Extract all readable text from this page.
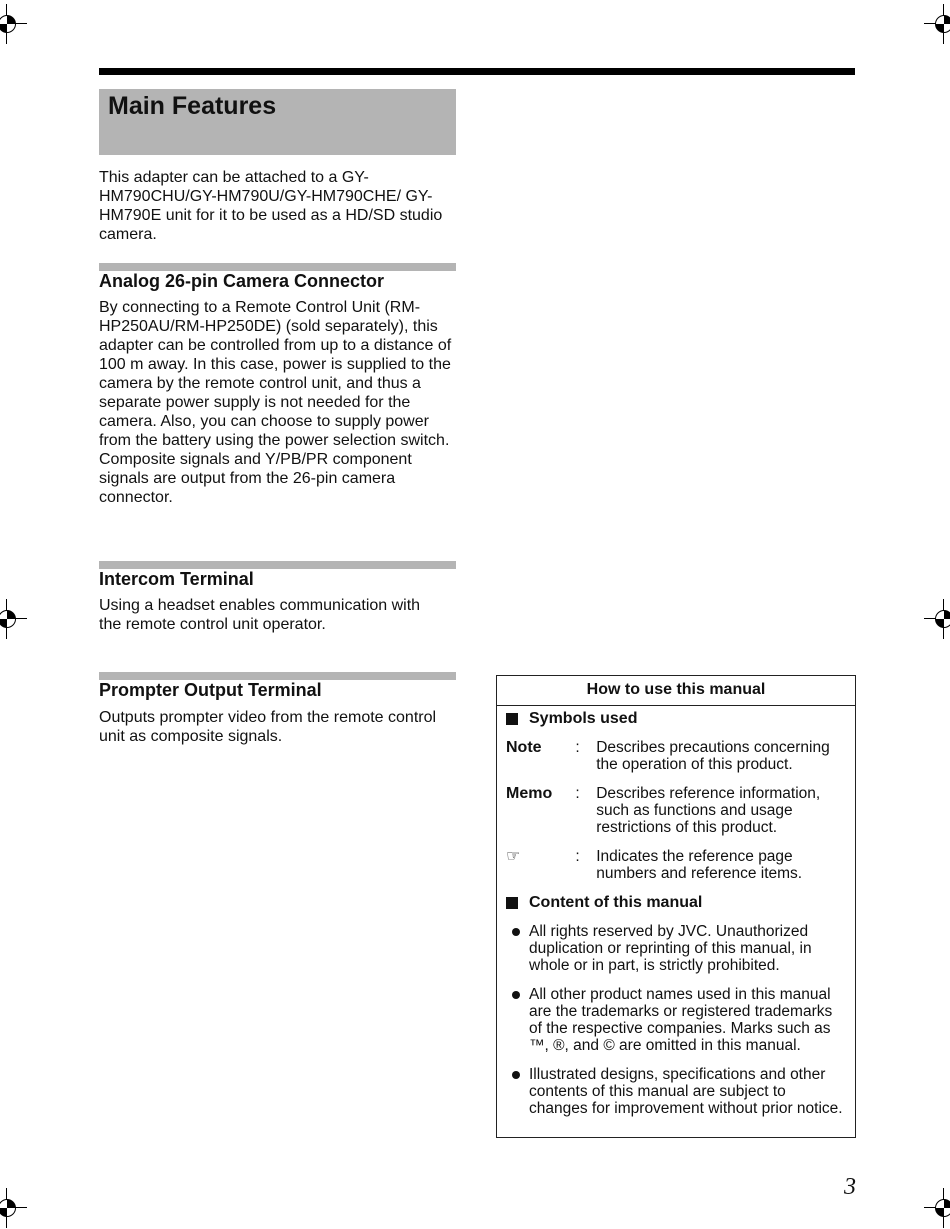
Main Features

This adapter can be attached to a GY-HM790CHU/GY-HM790U/GY-HM790CHE/ GY-HM790E unit for it to be used as a HD/SD studio camera.

Analog 26-pin Camera Connector

By connecting to a Remote Control Unit (RM-HP250AU/RM-HP250DE) (sold separately), this adapter can be controlled from up to a distance of 100 m away. In this case, power is supplied to the camera by the remote control unit, and thus a separate power supply is not needed for the camera. Also, you can choose to supply power from the battery using the power selection switch. Composite signals and Y/PB/PR component signals are output from the 26-pin camera connector.

Intercom Terminal

Using a headset enables communication with the remote control unit operator.

Prompter Output Terminal

Outputs prompter video from the remote control unit as composite signals.

How to use this manual
Symbols used
Note	:	Describes precautions concerning the operation of this product.
Memo	:	Describes reference information, such as functions and usage restrictions of this product.
☞	:	Indicates the reference page numbers and reference items.
Content of this manual
All rights reserved by JVC. Unauthorized duplication or reprinting of this manual, in whole or in part, is strictly prohibited.
All other product names used in this manual are the trademarks or registered trademarks of the respective companies. Marks such as ™, ®, and © are omitted in this manual.
Illustrated designs, specifications and other contents of this manual are subject to changes for improvement without prior notice.
3
